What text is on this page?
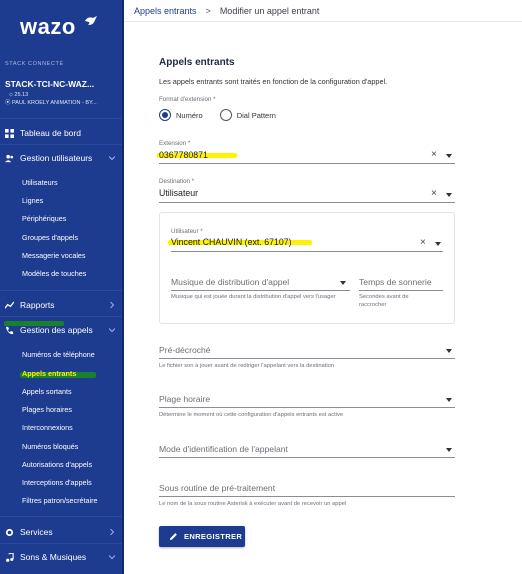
wazo
STACK CONNECTÉ
STACK-TCI-NC-WAZ...
⬦ 25.13
⦿ PAUL KROELY ANIMATION - BY...
Tableau de bord
Gestion utilisateurs
Utilisateurs
Lignes
Périphériques
Groupes d'appels
Messagerie vocales
Modèles de touches
Rapports
Gestion des appels
Numéros de téléphone
Appels entrants
Appels sortants
Plages horaires
Interconnexions
Numéros bloqués
Autorisations d'appels
Interceptions d'appels
Filtres patron/secrétaire
Services
Sons & Musiques
Appels entrants > Modifier un appel entrant
Appels entrants
Les appels entrants sont traités en fonction de la configuration d'appel.
Format d'extension *
Numéro	Dial Pattern
Extension *
0367780871	×
Destination *
Utilisateur	×
Utilisateur *
Vincent CHAUVIN (ext. 67107)	×
Musique de distribution d'appel
Musique qui est jouée durant la distribution d'appel vers l'usager
Temps de sonnerie
Secondes avant de raccrocher
Pré-décroché
Le fichier son à jouer avant de rediriger l'appelant vers la destination
Plage horaire
Détermine le moment où cette configuration d'appels entrants est active
Mode d'identification de l'appelant
Sous routine de pré-traitement
Le nom de la sous routine Asterisk à exécuter avant de recevoir un appel
ENREGISTRER
